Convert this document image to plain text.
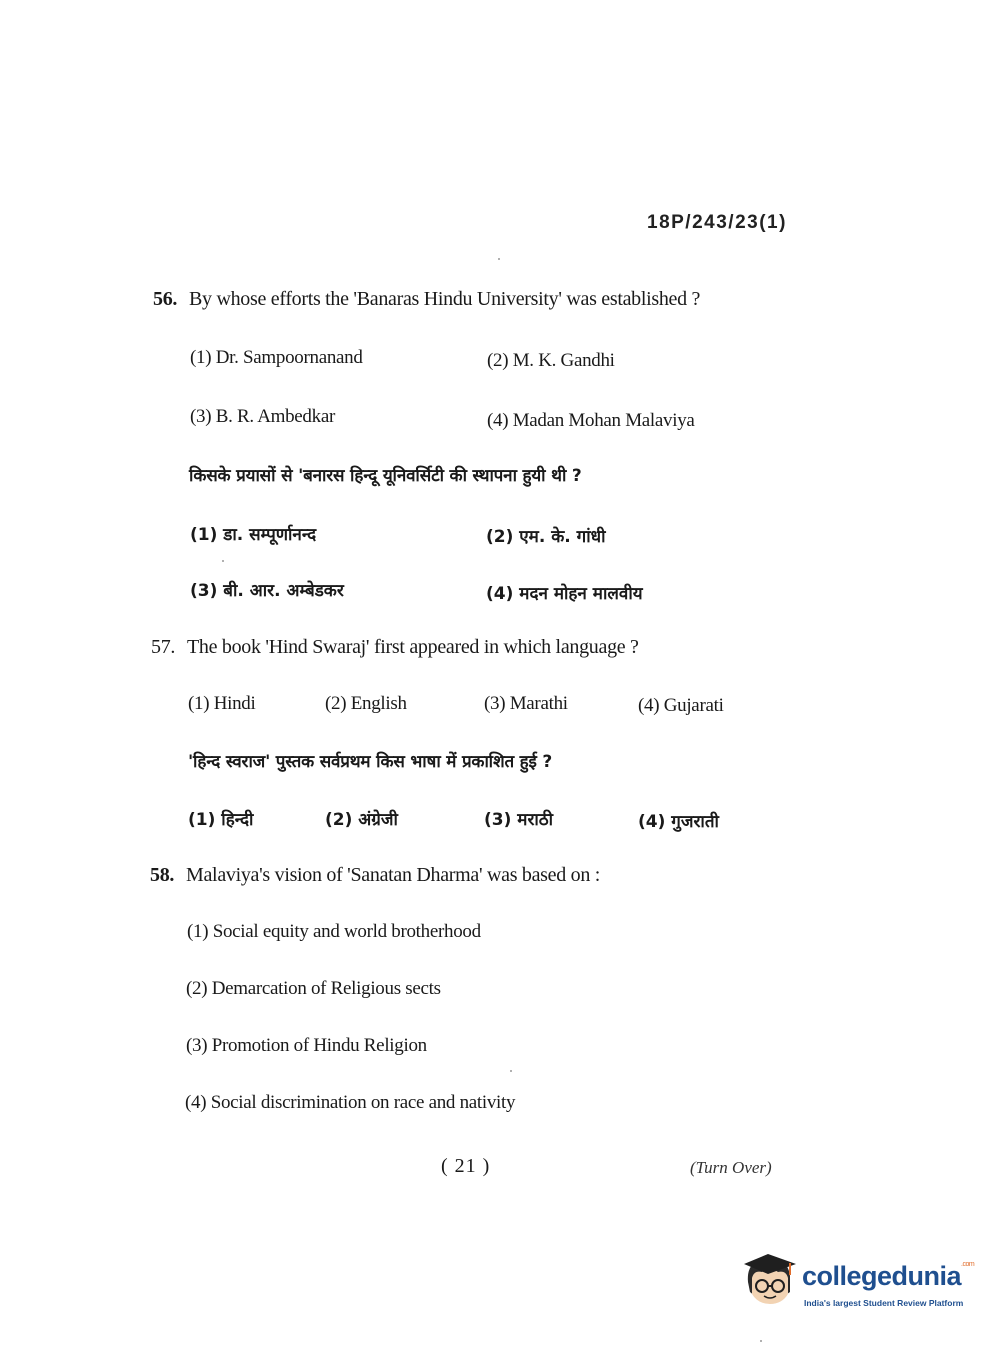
18P/243/23(1)
56. By whose efforts the 'Banaras Hindu University' was established ?
(1) Dr. Sampoornanand	(2) M. K. Gandhi
(3) B. R. Ambedkar	(4) Madan Mohan Malaviya
किसके प्रयासों से 'बनारस हिन्दू यूनिवर्सिटी की स्थापना हुयी थी ?
(1) डा. सम्पूर्णानन्द	(2) एम. के. गांधी
(3) बी. आर. अम्बेडकर	(4) मदन मोहन मालवीय
57. The book 'Hind Swaraj' first appeared in which language ?
(1) Hindi	(2) English	(3) Marathi	(4) Gujarati
'हिन्द स्वराज' पुस्तक सर्वप्रथम किस भाषा में प्रकाशित हुई ?
(1) हिन्दी	(2) अंग्रेजी	(3) मराठी	(4) गुजराती
58. Malaviya's vision of 'Sanatan Dharma' was based on :
(1) Social equity and world brotherhood
(2) Demarcation of Religious sects
(3) Promotion of Hindu Religion
(4) Social discrimination on race and nativity
( 21 )	(Turn Over)
collegedunia$^{.com}$
India's largest Student Review Platform
